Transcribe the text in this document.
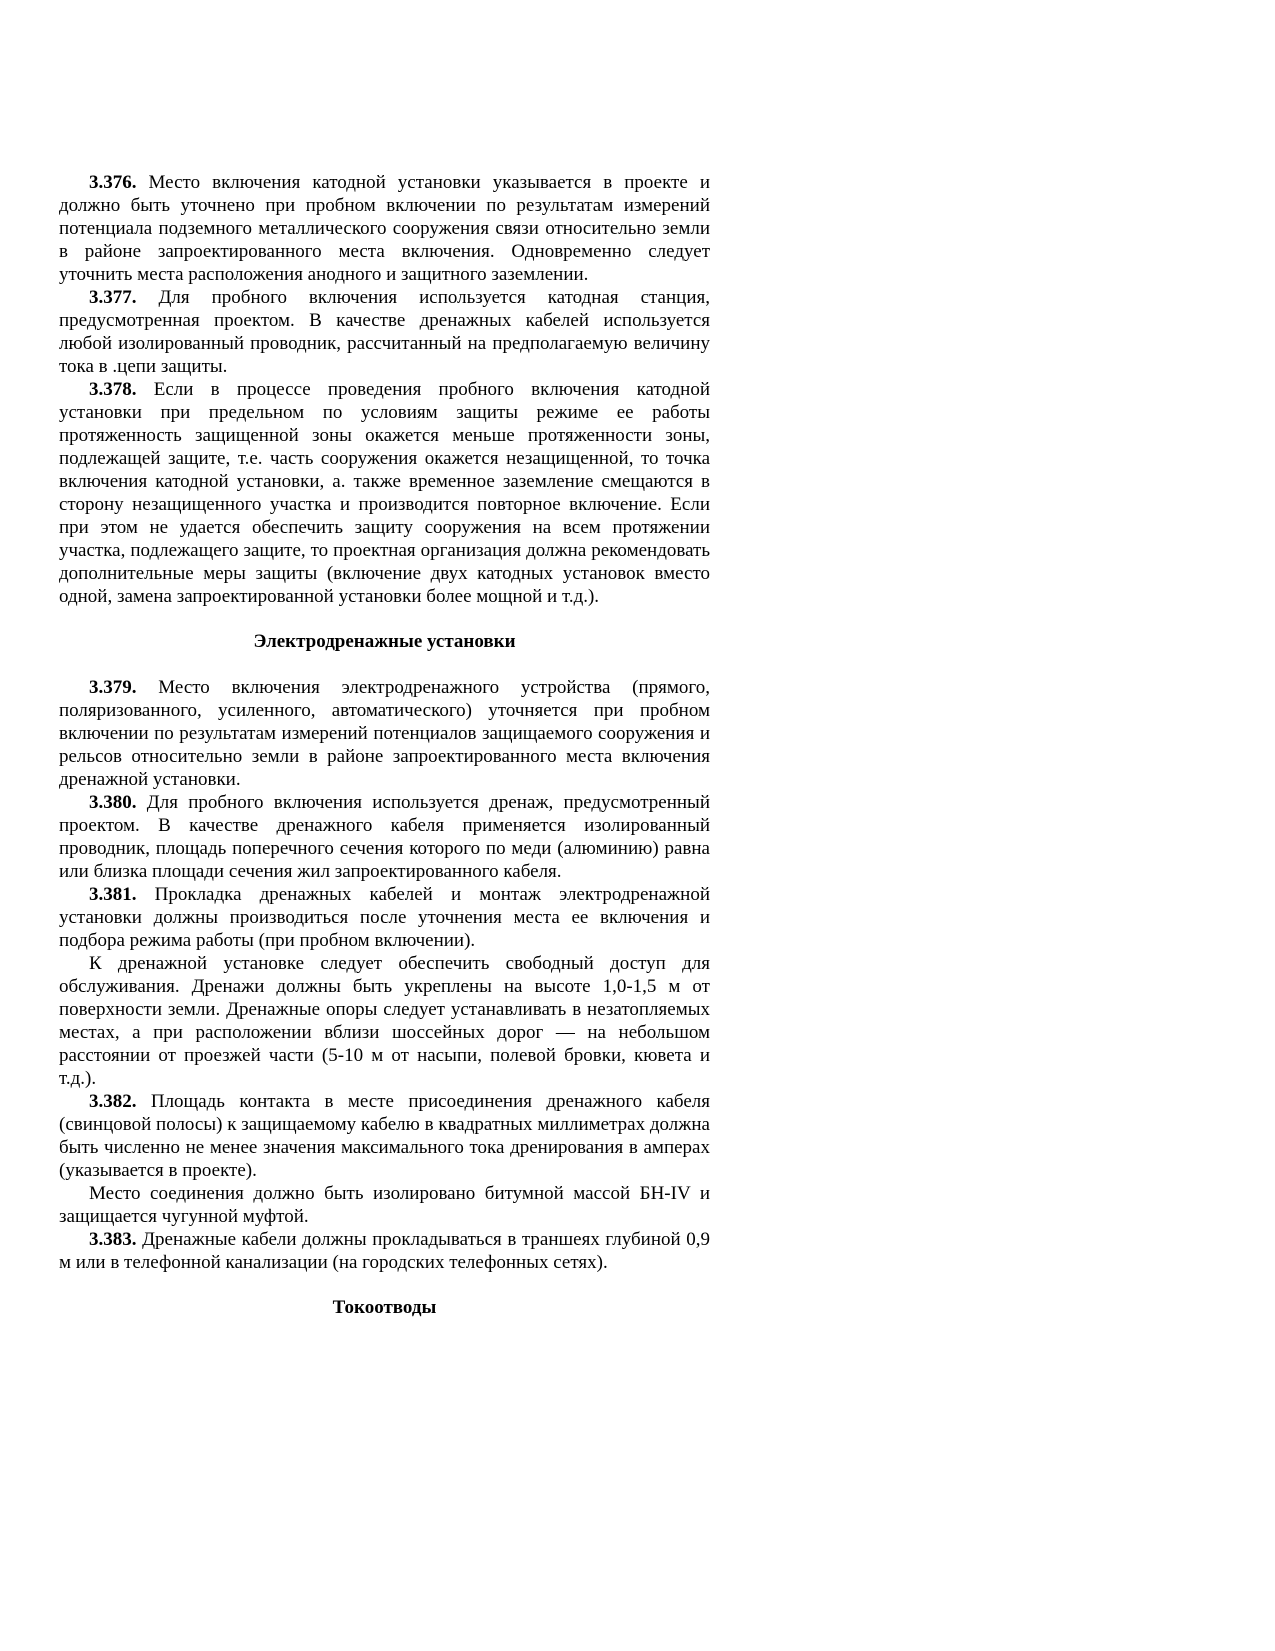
3.376. Место включения катодной установки указывается в проекте и должно быть уточнено при пробном включении по результатам измерений потенциала подземного металлического сооружения связи относительно земли в районе запроектированного места включения. Одновременно следует уточнить места расположения анодного и защитного заземлении.

3.377. Для пробного включения используется катодная станция, предусмотренная проектом. В качестве дренажных кабелей используется любой изолированный проводник, рассчитанный на предполагаемую величину тока в .цепи защиты.

3.378. Если в процессе проведения пробного включения катодной установки при предельном по условиям защиты режиме ее работы протяженность защищенной зоны окажется меньше протяженности зоны, подлежащей защите, т.е. часть сооружения окажется незащищенной, то точка включения катодной установки, а. также временное заземление смещаются в сторону незащищенного участка и производится повторное включение. Если при этом не удается обеспечить защиту сооружения на всем протяжении участка, подлежащего защите, то проектная организация должна рекомендовать дополнительные меры защиты (включение двух катодных установок вместо одной, замена запроектированной установки более мощной и т.д.).

Электродренажные установки

3.379. Место включения электродренажного устройства (прямого, поляризованного, усиленного, автоматического) уточняется при пробном включении по результатам измерений потенциалов защищаемого сооружения и рельсов относительно земли в районе запроектированного места включения дренажной установки.

3.380. Для пробного включения используется дренаж, предусмотренный проектом. В качестве дренажного кабеля применяется изолированный проводник, площадь поперечного сечения которого по меди (алюминию) равна или близка площади сечения жил запроектированного кабеля.

3.381. Прокладка дренажных кабелей и монтаж электродренажной установки должны производиться после уточнения места ее включения и подбора режима работы (при пробном включении).

К дренажной установке следует обеспечить свободный доступ для обслуживания. Дренажи должны быть укреплены на высоте 1,0-1,5 м от поверхности земли. Дренажные опоры следует устанавливать в незатопляемых местах, а при расположении вблизи шоссейных дорог — на небольшом расстоянии от проезжей части (5-10 м от насыпи, полевой бровки, кювета и т.д.).

3.382. Площадь контакта в месте присоединения дренажного кабеля (свинцовой полосы) к защищаемому кабелю в квадратных миллиметрах должна быть численно не менее значения максимального тока дренирования в амперах (указывается в проекте).

Место соединения должно быть изолировано битумной массой БН-IV и защищается чугунной муфтой.

3.383. Дренажные кабели должны прокладываться в траншеях глубиной 0,9 м или в телефонной канализации (на городских телефонных сетях).

Токоотводы
